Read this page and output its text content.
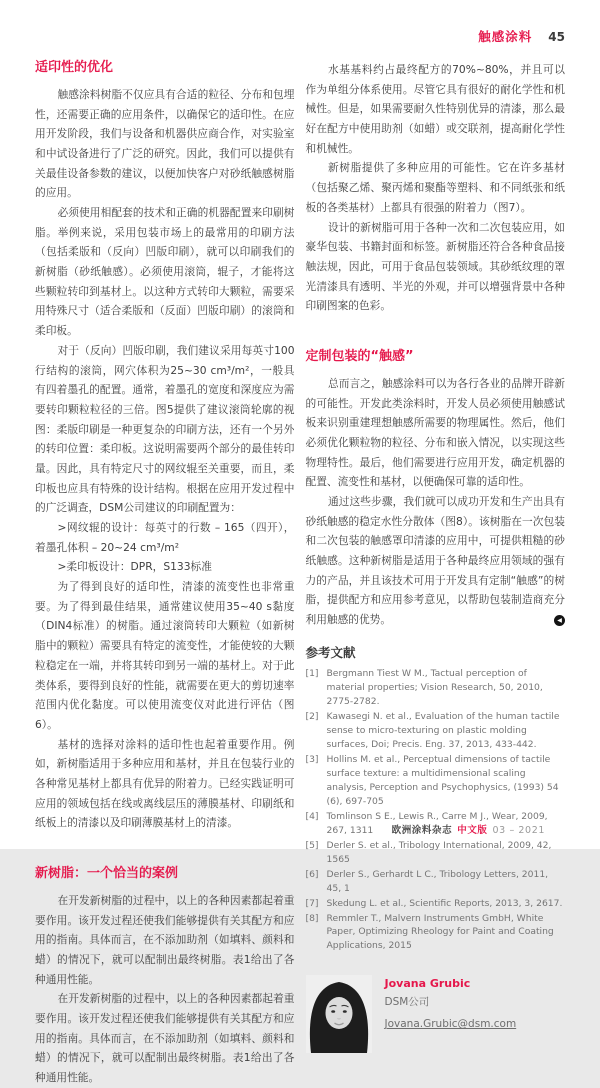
触感涂料 45
适印性的优化

触感涂料树脂不仅应具有合适的粒径、分布和包埋性，还需要正确的应用条件，以确保它的适印性。在应用开发阶段，我们与设备和机器供应商合作，对实验室和中试设备进行了广泛的研究。因此，我们可以提供有关最佳设备参数的建议，以便加快客户对砂纸触感树脂的应用。

必须使用相配套的技术和正确的机器配置来印刷树脂。举例来说，采用包装市场上的最常用的印刷方法（包括柔版和（反向）凹版印刷），就可以印刷我们的新树脂（砂纸触感）。必须使用滚筒，辊子，才能将这些颗粒转印到基材上。以这种方式转印大颗粒，需要采用特殊尺寸（适合柔版和（反面）凹版印刷）的滚筒和柔印板。

对于（反向）凹版印刷，我们建议采用每英寸100行结构的滚筒，网穴体积为25~30 cm³/m²，一般具有四着墨孔的配置。通常，着墨孔的宽度和深度应为需要转印颗粒粒径的三倍。图5提供了建议滚筒轮廓的视图：柔版印刷是一种更复杂的印刷方法，还有一个另外的转印位置：柔印板。这说明需要两个部分的最佳转印量。因此，具有特定尺寸的网纹辊至关重要，而且，柔印板也应具有特殊的设计结构。根据在应用开发过程中的广泛调查，DSM公司建议的印刷配置为：

>网纹辊的设计：每英寸的行数 – 165（四开），着墨孔体积 – 20~24 cm³/m²

>柔印板设计：DPR，S133标准

为了得到良好的适印性，清漆的流变性也非常重要。为了得到最佳结果，通常建议使用35~40 s黏度（DIN4标准）的树脂。通过滚筒转印大颗粒（如新树脂中的颗粒）需要具有特定的流变性，才能使较的大颗粒稳定在一端，并将其转印到另一端的基材上。对于此类体系，要得到良好的性能，就需要在更大的剪切速率范围内优化黏度。可以使用流变仪对此进行评估（图6）。

基材的选择对涂料的适印性也起着重要作用。例如，新树脂适用于多种应用和基材，并且在包装行业的各种常见基材上都具有优异的附着力。已经实践证明可应用的领域包括在线或离线层压的薄膜基材、印刷纸和纸板上的清漆以及印刷薄膜基材上的清漆。

新树脂：一个恰当的案例

在开发新树脂的过程中，以上的各种因素都起着重要作用。该开发过程还使我们能够提供有关其配方和应用的指南。具体而言，在不添加助剂（如填料、颜料和蜡）的情况下，就可以配制出最终树脂。表1给出了各种通用性能。

在开发新树脂的过程中，以上的各种因素都起着重要作用。该开发过程还使我们能够提供有关其配方和应用的指南。具体而言，在不添加助剂（如填料、颜料和蜡）的情况下，就可以配制出最终树脂。表1给出了各种通用性能。

水基基料约占最终配方的70%~80%，并且可以作为单组分体系使用。尽管它具有很好的耐化学性和机械性。但是，如果需要耐久性特别优异的清漆，那么最好在配方中使用助剂（如蜡）或交联剂，提高耐化学性和机械性。

新树脂提供了多种应用的可能性。它在许多基材（包括聚乙烯、聚丙烯和聚酯等塑料、和不同纸张和纸板的各类基材）上都具有很强的附着力（图7）。

设计的新树脂可用于各种一次和二次包装应用，如豪华包装、书籍封面和标签。新树脂还符合各种食品接触法规，因此，可用于食品包装领域。其砂纸纹理的罩光清漆具有透明、半光的外观，并可以增强背景中各种印刷图案的色彩。

定制包装的“触感”

总而言之，触感涂料可以为各行各业的品牌开辟新的可能性。开发此类涂料时，开发人员必须使用触感试板来识别重建理想触感所需要的物理属性。然后，他们必须优化颗粒物的粒径、分布和嵌入情况，以实现这些物理特性。最后，他们需要进行应用开发，确定机器的配置、流变性和基材，以便确保可靠的适印性。

通过这些步骤，我们就可以成功开发和生产出具有砂纸触感的稳定水性分散体（图8）。该树脂在一次包装和二次包装的触感罩印清漆的应用中，可提供粗糙的砂纸触感。这种新树脂是适用于各种最终应用领域的强有力的产品，并且该技术可用于开发具有定制“触感”的树脂，提供配方和应用参考意见，以帮助包装制造商充分利用触感的优势。	◀

参考文献
[1] Bergmann Tiest W M., Tactual perception of material properties; Vision Research, 50, 2010, 2775-2782.
[2] Kawasegi N. et al., Evaluation of the human tactile sense to micro-texturing on plastic molding surfaces, Doi; Precis. Eng. 37, 2013, 433-442.
[3] Hollins M. et al., Perceptual dimensions of tactile surface texture: a multidimensional scaling analysis, Perception and Psychophysics, (1993) 54 (6), 697-705
[4] Tomlinson S E., Lewis R., Carre M J., Wear, 2009, 267, 1311
[5] Derler S. et al., Tribology International, 2009, 42, 1565
[6] Derler S., Gerhardt L C., Tribology Letters, 2011, 45, 1
[7] Skedung L. et al., Scientific Reports, 2013, 3, 2617.
[8] Remmler T., Malvern Instruments GmbH, White Paper, Optimizing Rheology for Paint and Coating Applications, 2015
Jovana Grubic
DSM公司
Jovana.Grubic@dsm.com
欧洲涂料杂志 中文版 03 – 2021
